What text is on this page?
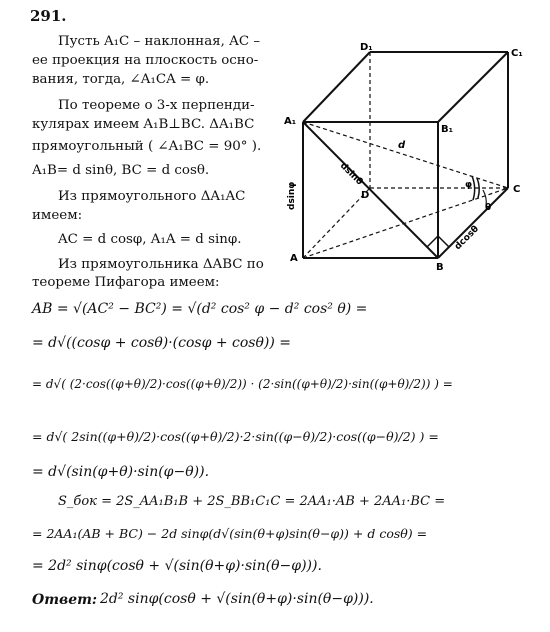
291.
Пусть A₁C – наклонная, AC –
ее проекция на плоскость осно-
вания, тогда, ∠A₁CA = φ.
По теореме о 3-х перпенди-
кулярах имеем A₁B⊥BC. ΔA₁BC
прямоугольный ( ∠A₁BC = 90° ).
A₁B= d sinθ, BC = d cosθ.
Из прямоугольного ΔA₁AC
имеем:
AC = d cosφ, A₁A = d sinφ.
Из прямоугольника ΔABC по
теореме Пифагора имеем:
D₁
C₁
A₁
B₁
A
B
C
D
d
φ
θ
dsinφ
dsinθ
dcosθ
AB = √(AC² − BC²) = √(d² cos² φ − d² cos² θ) =
= d√((cosφ + cosθ)·(cosφ + cosθ)) =
= d√( (2·cos((φ+θ)/2)·cos((φ+θ)/2)) · (2·sin((φ+θ)/2)·sin((φ+θ)/2)) ) =
= d√( 2sin((φ+θ)/2)·cos((φ+θ)/2)·2·sin((φ−θ)/2)·cos((φ−θ)/2) ) =
= d√(sin(φ+θ)·sin(φ−θ)).
S_бок = 2S_AA₁B₁B + 2S_BB₁C₁C = 2AA₁·AB + 2AA₁·BC =
= 2AA₁(AB + BC) − 2d sinφ(d√(sin(θ+φ)sin(θ−φ)) + d cosθ) =
= 2d² sinφ(cosθ + √(sin(θ+φ)·sin(θ−φ))).
Ответ: 2d² sinφ(cosθ + √(sin(θ+φ)·sin(θ−φ))).
